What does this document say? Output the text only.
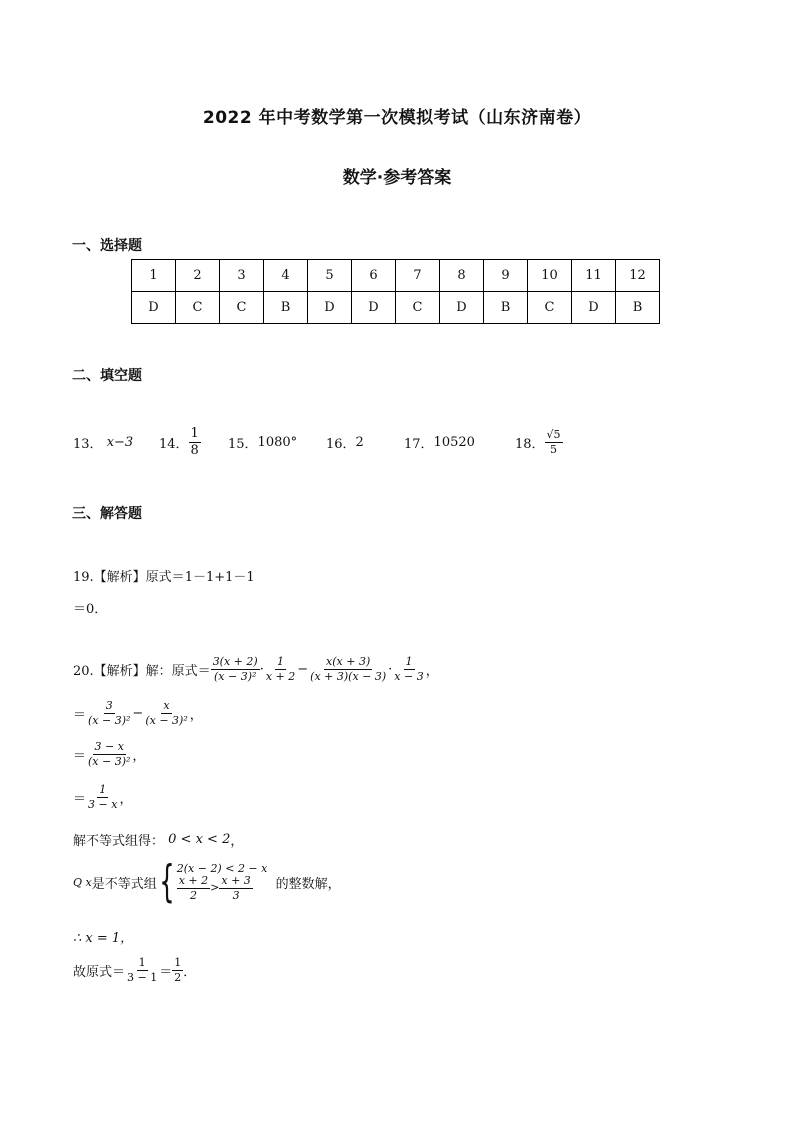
2022 年中考数学第一次模拟考试（山东济南卷）
数学·参考答案
一、选择题
1	2	3	4	5	6	7	8	9	10	11	12
D	C	C	B	D	D	C	D	B	C	D	B
二、填空题
13．
x−3 14． $\frac{1}{8} 15$． 1080° 16． 2	17． 10520	18． $\frac{√5}{5}$
三、解答题
19.【解析】原式＝ 1－1+1－1
＝0．
20.【解析】解：原式＝ $\frac{3(x + 2)}{\text{(x − 3)²}} \cdot \frac{1}{x + 2} - \frac{x(x + 3)}{(x + 3)(x - 3)} \cdot \frac{1}{x - 3}$ ，
＝ $\frac{3}{\text{(x − 3)²}} - \frac{x}{\text{(x − 3)²}}$ ，
＝ $\frac{3 - x}{\text{(x − 3)²}}$ ，
＝ $\frac{1}{3 - x}$ ，
解不等式组得：
0 < x < 2 ，
Q x 是不等式组 { 2(x − 2) < 2 − x
$\frac{x + 2}{2} > \frac{x + 3}{3}$
的整数解，
∴ x = 1，
故原式＝ $\frac{1}{3 - 1} = \frac{1}{2}$ ．
